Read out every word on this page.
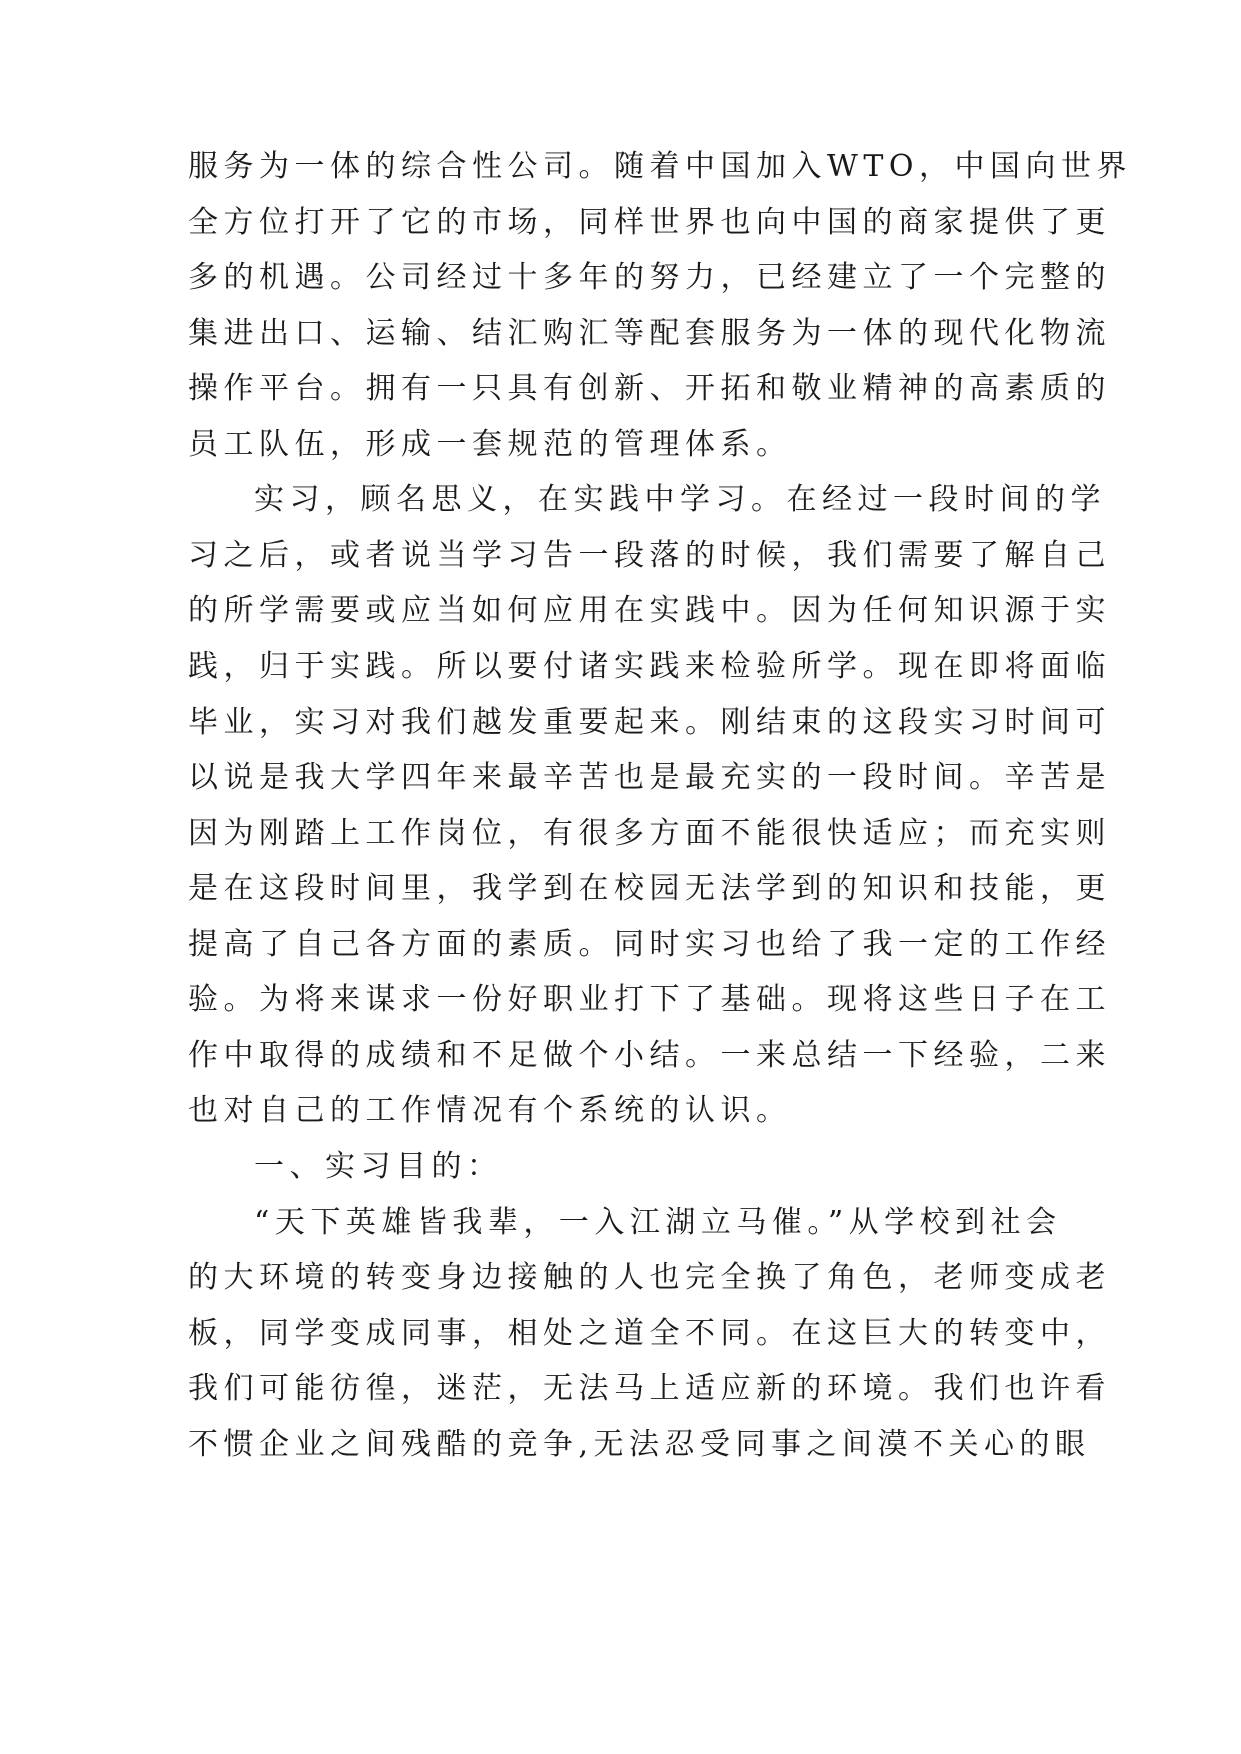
服务为一体的综合性公司。随着中国加入WTO，中国向世界
全方位打开了它的市场，同样世界也向中国的商家提供了更
多的机遇。公司经过十多年的努力，已经建立了一个完整的
集进出口、运输、结汇购汇等配套服务为一体的现代化物流
操作平台。拥有一只具有创新、开拓和敬业精神的高素质的
员工队伍，形成一套规范的管理体系。
实习，顾名思义，在实践中学习。在经过一段时间的学
习之后，或者说当学习告一段落的时候，我们需要了解自己
的所学需要或应当如何应用在实践中。因为任何知识源于实
践，归于实践。所以要付诸实践来检验所学。现在即将面临
毕业，实习对我们越发重要起来。刚结束的这段实习时间可
以说是我大学四年来最辛苦也是最充实的一段时间。辛苦是
因为刚踏上工作岗位，有很多方面不能很快适应；而充实则
是在这段时间里，我学到在校园无法学到的知识和技能，更
提高了自己各方面的素质。同时实习也给了我一定的工作经
验。为将来谋求一份好职业打下了基础。现将这些日子在工
作中取得的成绩和不足做个小结。一来总结一下经验，二来
也对自己的工作情况有个系统的认识。
一、实习目的：
“天下英雄皆我辈，一入江湖立马催。”从学校到社会
的大环境的转变身边接触的人也完全换了角色，老师变成老
板，同学变成同事，相处之道全不同。在这巨大的转变中，
我们可能彷徨，迷茫，无法马上适应新的环境。我们也许看
不惯企业之间残酷的竞争,无法忍受同事之间漠不关心的眼
